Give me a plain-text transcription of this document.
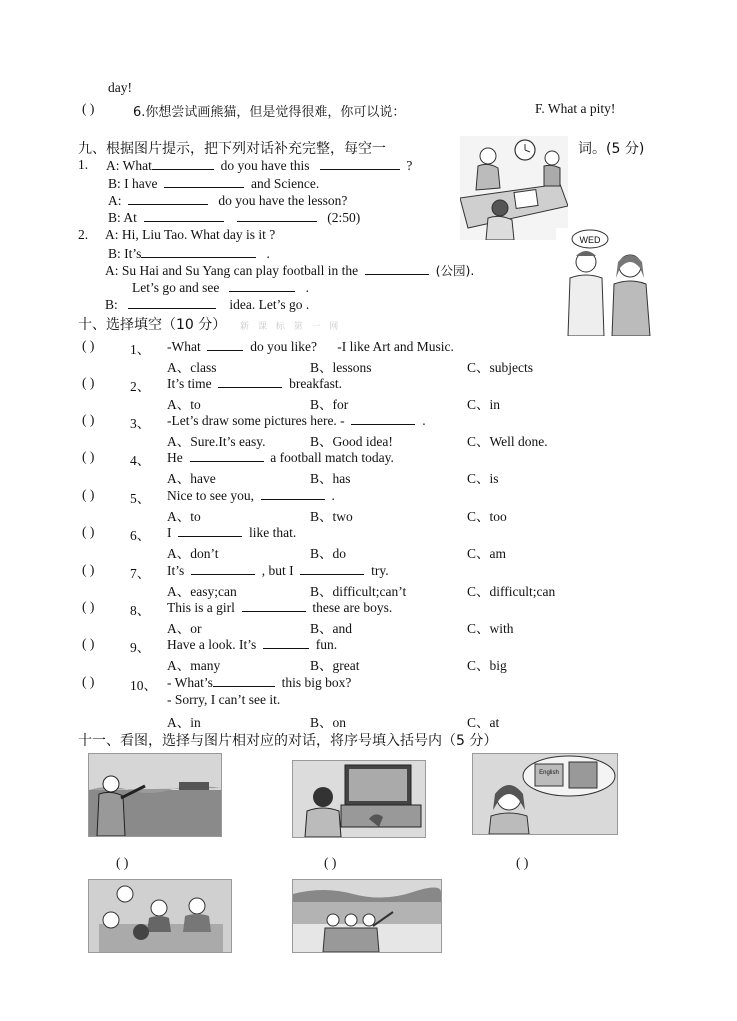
day!
( )	6.你想尝试画熊猫，但是觉得很难，你可以说：	F. What a pity!
九、根据图片提示，把下列对话补充完整，每空一	词。(5 分)
1. A: What	do you have this	?
B: I have	and Science.
A:	do you have the lesson?
B: At	(2:50)
2. A: Hi, Liu Tao. What day is it ?
B: It’s	.
A: Su Hai and Su Yang can play football in the	(公园).
Let’s go and see	.
B:	idea. Let’s go .
WED
十、选择填空（10 分） 新 课 标 第 一 网
( )	1、 -What	do you like? -I like Art and Music.
A、class	B、lessons	C、subjects
( )	2、 It’s time	breakfast.
A、to	B、for	C、in
( )	3、 -Let’s draw some pictures here. -	.
A、Sure.It’s easy.	B、Good idea!	C、Well done.
( )	4、 He	a football match today.
A、have	B、has	C、is
( )	5、 Nice to see you,	.
A、to	B、two	C、too
( )	6、 I	like that.
A、don’t	B、do	C、am
( )	7、 It’s	, but I	try.
A、easy;can	B、difficult;can’t	C、difficult;can
( )	8、 This is a girl	these are boys.
A、or	B、and	C、with
( )	9、 Have a look. It’s	fun.
A、many	B、great	C、big
( )	10、 - What’s	this big box?
- Sorry, I can’t see it.
A、in	B、on	C、at
十一、看图，选择与图片相对应的对话，将序号填入括号内（5 分）
English
( )	( )	( )
